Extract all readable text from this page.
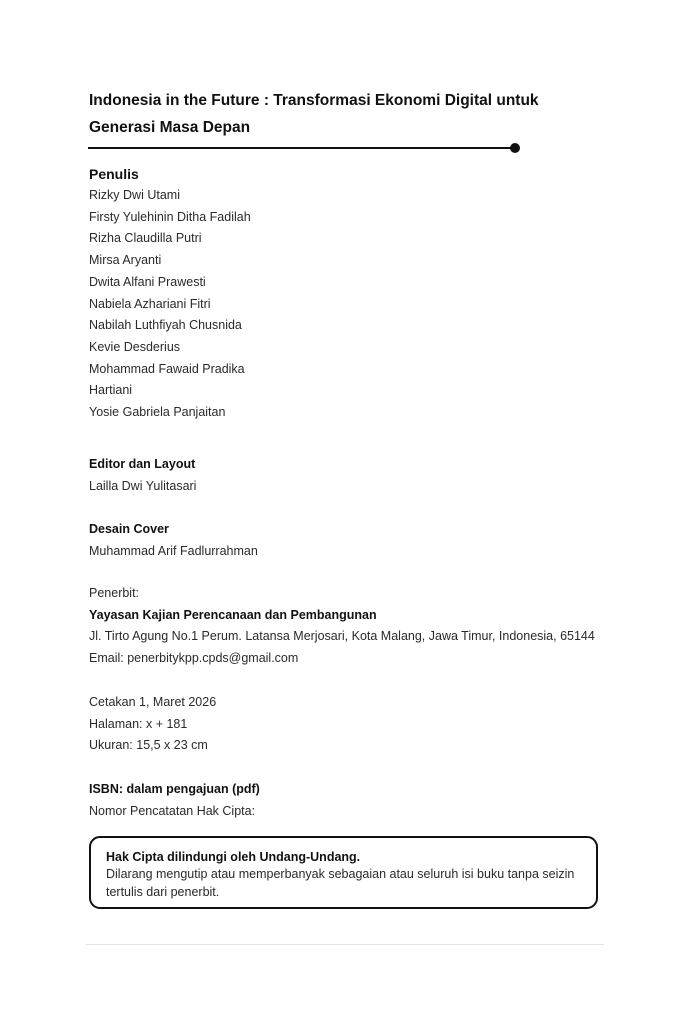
Indonesia in the Future : Transformasi Ekonomi Digital untuk Generasi Masa Depan

Penulis

Rizky Dwi Utami

Firsty Yulehinin Ditha Fadilah

Rizha Claudilla Putri

Mirsa Aryanti

Dwita Alfani Prawesti

Nabiela Azhariani Fitri

Nabilah Luthfiyah Chusnida

Kevie Desderius

Mohammad Fawaid Pradika

Hartiani

Yosie Gabriela Panjaitan

Editor dan Layout

Lailla Dwi Yulitasari

Desain Cover

Muhammad Arif Fadlurrahman

Penerbit:

Yayasan Kajian Perencanaan dan Pembangunan

Jl. Tirto Agung No.1 Perum. Latansa Merjosari, Kota Malang, Jawa Timur, Indonesia, 65144

Email: penerbitykpp.cpds@gmail.com

Cetakan 1, Maret 2026

Halaman: x + 181

Ukuran: 15,5 x 23 cm

ISBN: dalam pengajuan (pdf)

Nomor Pencatatan Hak Cipta:

Hak Cipta dilindungi oleh Undang-Undang.

Dilarang mengutip atau memperbanyak sebagaian atau seluruh isi buku tanpa seizin tertulis dari penerbit.
